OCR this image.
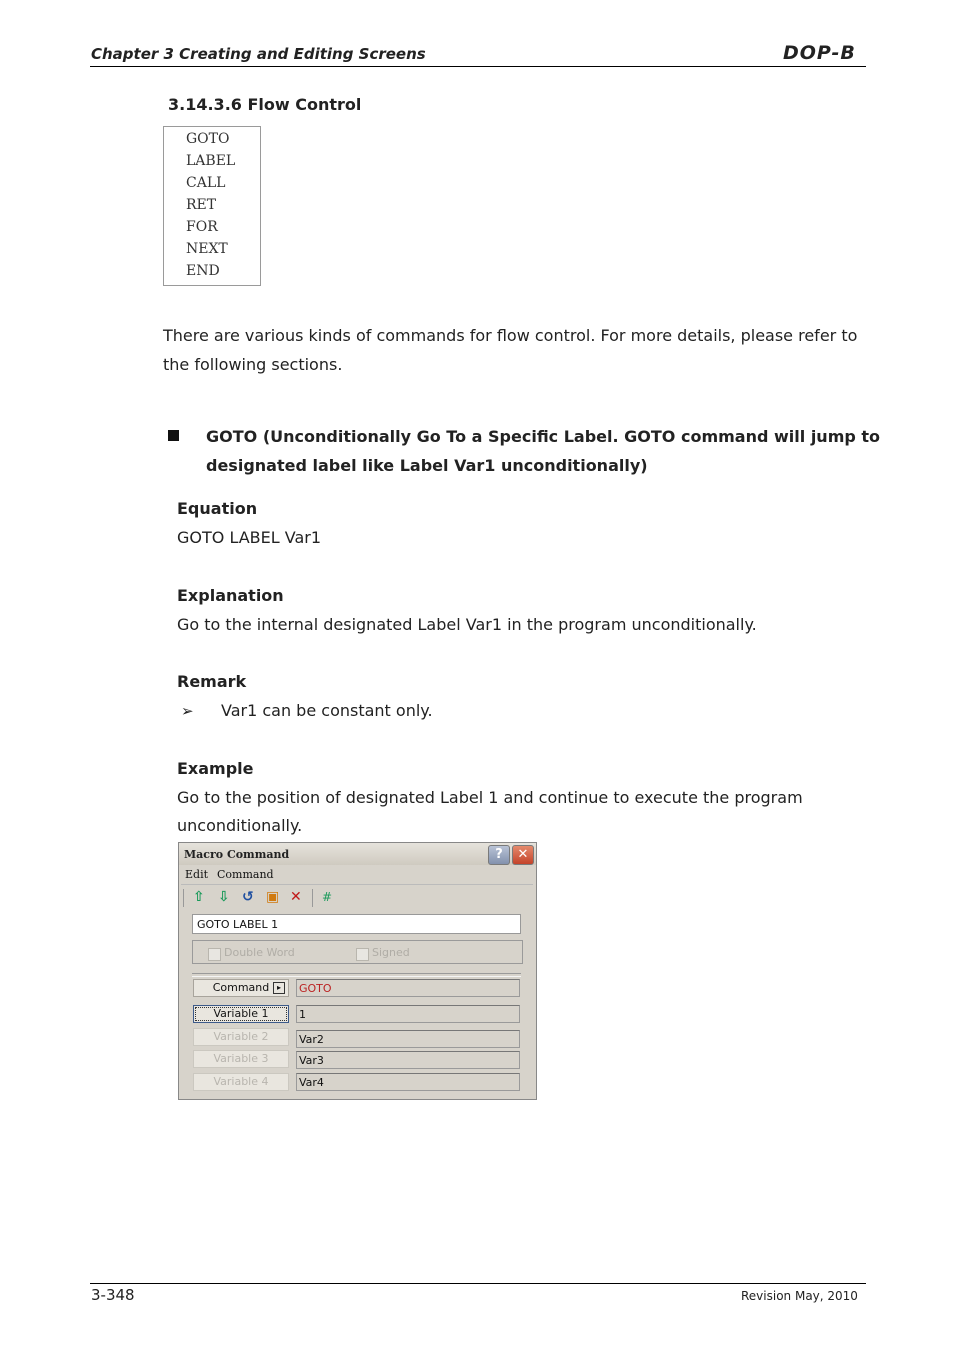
Chapter 3 Creating and Editing Screens	DOP-B
3.14.3.6 Flow Control
GOTO
LABEL
CALL
RET
FOR
NEXT
END
There are various kinds of commands for flow control. For more details, please refer to
the following sections.
GOTO (Unconditionally Go To a Specific Label. GOTO command will jump to
designated label like Label Var1 unconditionally)
Equation
GOTO LABEL Var1
Explanation
Go to the internal designated Label Var1 in the program unconditionally.
Remark
➢ Var1 can be constant only.
Example
Go to the position of designated Label 1 and continue to execute the program
unconditionally.
Macro Command	?	✕
Edit Command
⇧ ⇩ ↺ ▣ ✕ #
GOTO LABEL 1
Double Word	Signed
Command ▸	GOTO
Variable 1	1
Variable 2	Var2
Variable 3	Var3
Variable 4	Var4
3-348	Revision May, 2010
